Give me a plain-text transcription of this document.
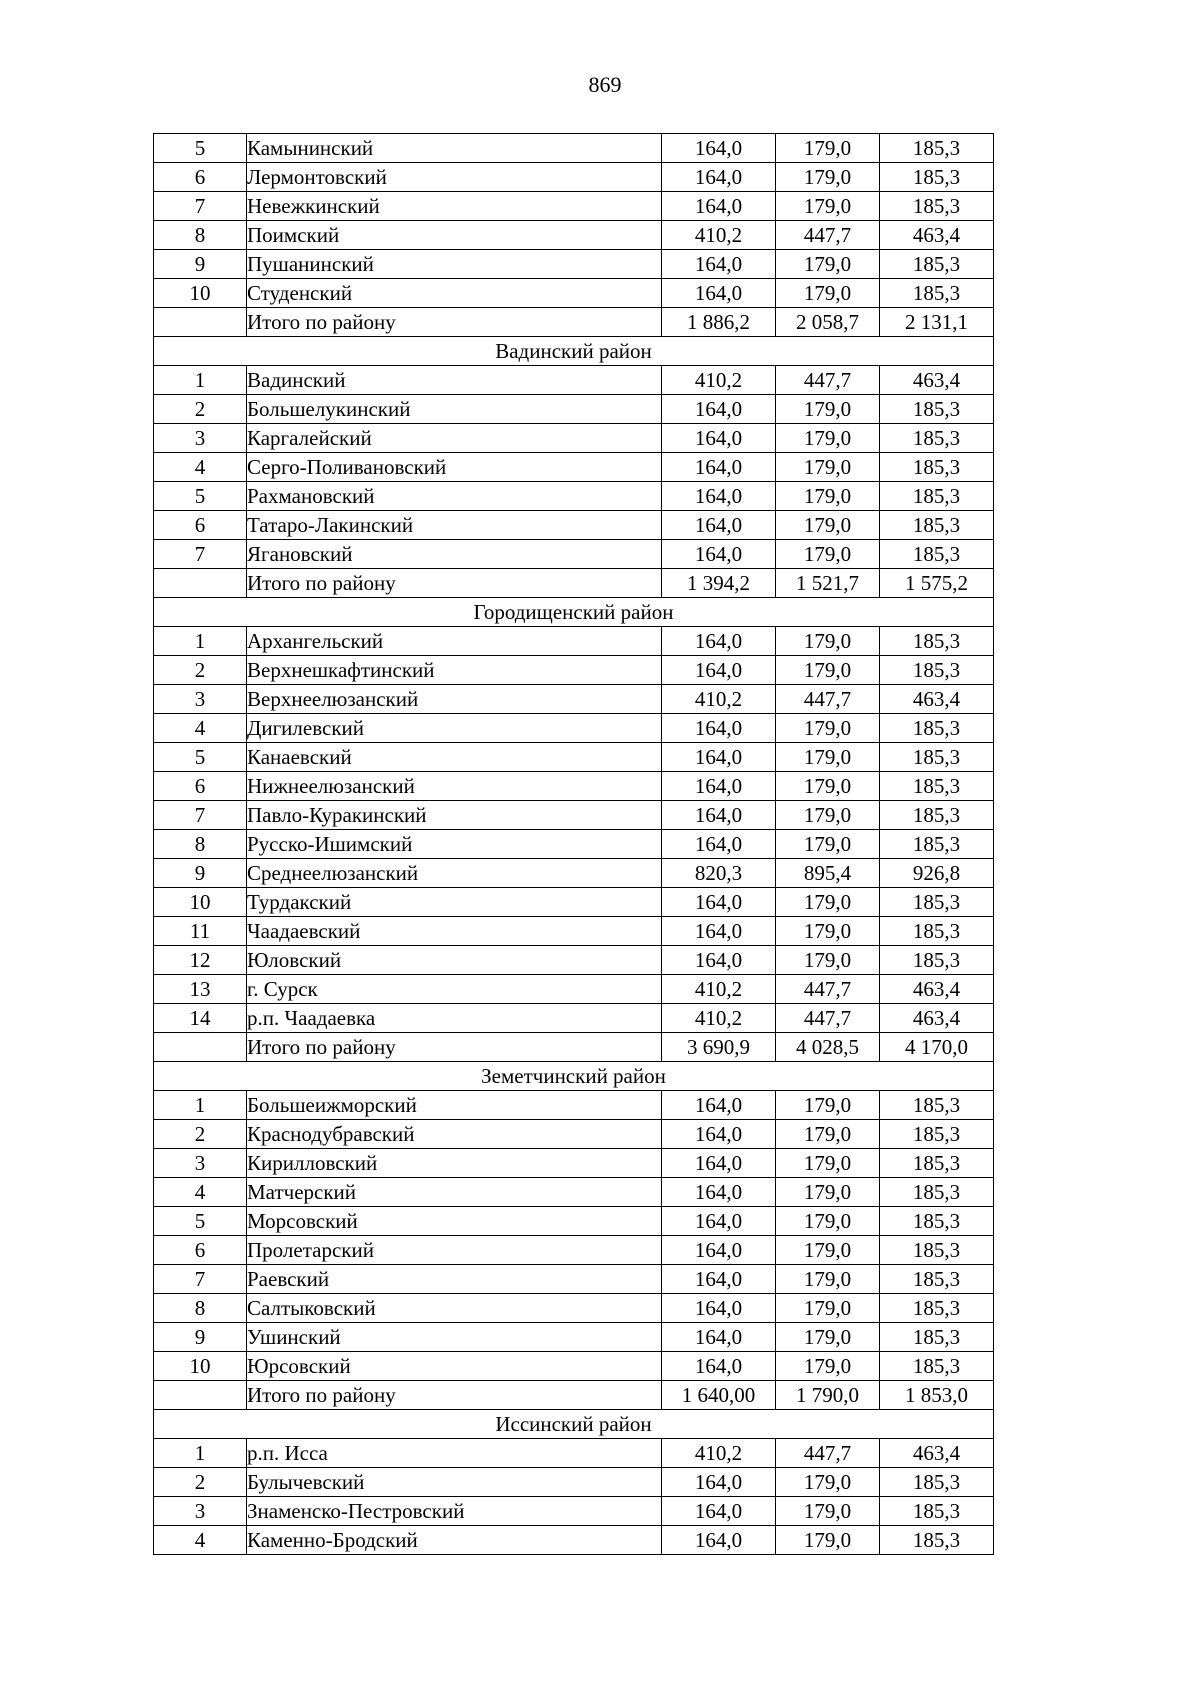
869
5	Камынинский	164,0	179,0	185,3
6	Лермонтовский	164,0	179,0	185,3
7	Невежкинский	164,0	179,0	185,3
8	Поимский	410,2	447,7	463,4
9	Пушанинский	164,0	179,0	185,3
10	Студенский	164,0	179,0	185,3
	Итого по району	1 886,2	2 058,7	2 131,1
Вадинский район				
1	Вадинский	410,2	447,7	463,4
2	Большелукинский	164,0	179,0	185,3
3	Каргалейский	164,0	179,0	185,3
4	Серго-Поливановский	164,0	179,0	185,3
5	Рахмановский	164,0	179,0	185,3
6	Татаро-Лакинский	164,0	179,0	185,3
7	Ягановский	164,0	179,0	185,3
	Итого по району	1 394,2	1 521,7	1 575,2
Городищенский район				
1	Архангельский	164,0	179,0	185,3
2	Верхнешкафтинский	164,0	179,0	185,3
3	Верхнеелюзанский	410,2	447,7	463,4
4	Дигилевский	164,0	179,0	185,3
5	Канаевский	164,0	179,0	185,3
6	Нижнеелюзанский	164,0	179,0	185,3
7	Павло-Куракинский	164,0	179,0	185,3
8	Русско-Ишимский	164,0	179,0	185,3
9	Среднеелюзанский	820,3	895,4	926,8
10	Турдакский	164,0	179,0	185,3
11	Чаадаевский	164,0	179,0	185,3
12	Юловский	164,0	179,0	185,3
13	г. Сурск	410,2	447,7	463,4
14	р.п. Чаадаевка	410,2	447,7	463,4
	Итого по району	3 690,9	4 028,5	4 170,0
Земетчинский район				
1	Большеижморский	164,0	179,0	185,3
2	Краснодубравский	164,0	179,0	185,3
3	Кирилловский	164,0	179,0	185,3
4	Матчерский	164,0	179,0	185,3
5	Морсовский	164,0	179,0	185,3
6	Пролетарский	164,0	179,0	185,3
7	Раевский	164,0	179,0	185,3
8	Салтыковский	164,0	179,0	185,3
9	Ушинский	164,0	179,0	185,3
10	Юрсовский	164,0	179,0	185,3
	Итого по району	1 640,00	1 790,0	1 853,0
Иссинский район				
1	р.п. Исса	410,2	447,7	463,4
2	Булычевский	164,0	179,0	185,3
3	Знаменско-Пестровский	164,0	179,0	185,3
4	Каменно-Бродский	164,0	179,0	185,3
